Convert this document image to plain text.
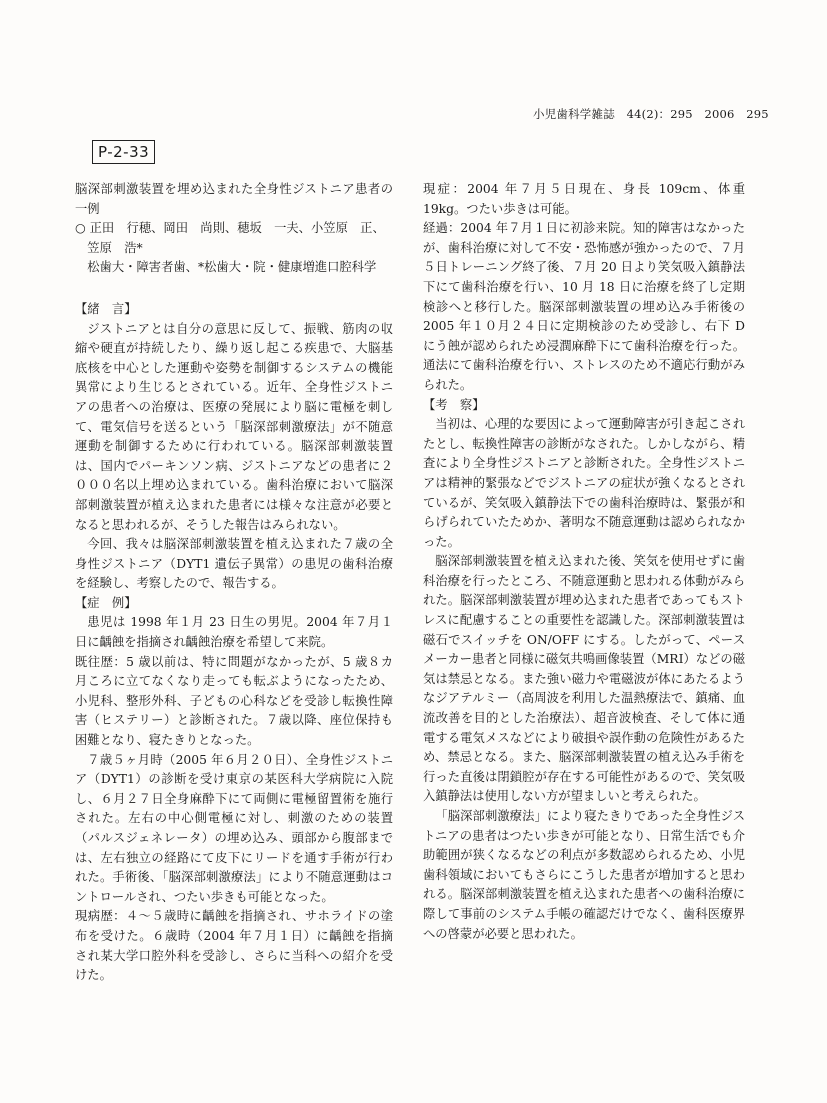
小児歯科学雑誌　44(2)：295　2006　295
P-2-33

脳深部刺激装置を埋め込まれた全身性ジストニア患者の一例

○ 正田　行穂、岡田　尚則、穂坂　一夫、小笠原　正、

笠原　浩*

松歯大・障害者歯、*松歯大・院・健康増進口腔科学

【緒　言】

ジストニアとは自分の意思に反して、振戦、筋肉の収縮や硬直が持続したり、繰り返し起こる疾患で、大脳基底核を中心とした運動や姿勢を制御するシステムの機能異常により生じるとされている。近年、全身性ジストニアの患者への治療は、医療の発展により脳に電極を刺して、電気信号を送るという「脳深部刺激療法」が不随意運動を制御するために行われている。脳深部刺激装置は、国内でパーキンソン病、ジストニアなどの患者に２０００名以上埋め込まれている。歯科治療において脳深部刺激装置が植え込まれた患者には様々な注意が必要となると思われるが、そうした報告はみられない。

今回、我々は脳深部刺激装置を植え込まれた７歳の全身性ジストニア（DYT1 遺伝子異常）の患児の歯科治療を経験し、考察したので、報告する。

【症　例】

患児は 1998 年１月 23 日生の男児。2004 年７月１日に齲蝕を指摘され齲蝕治療を希望して来院。

既往歴：5 歳以前は、特に問題がなかったが、5 歳８カ月ころに立てなくなり走っても転ぶようになったため、小児科、整形外科、子どもの心科などを受診し転換性障害（ヒステリー）と診断された。７歳以降、座位保持も困難となり、寝たきりとなった。

７歳５ヶ月時（2005 年６月２０日）、全身性ジストニア（DYT1）の診断を受け東京の某医科大学病院に入院し、６月２７日全身麻酔下にて両側に電極留置術を施行された。左右の中心側電極に対し、刺激のための装置（パルスジェネレータ）の埋め込み、頭部から腹部までは、左右独立の経路にて皮下にリードを通す手術が行われた。手術後、「脳深部刺激療法」により不随意運動はコントロールされ、つたい歩きも可能となった。

現病歴：４～５歳時に齲蝕を指摘され、サホライドの塗布を受けた。６歳時（2004 年７月１日）に齲蝕を指摘され某大学口腔外科を受診し、さらに当科への紹介を受けた。

現症：2004 年７月５日現在、身長 109cm、体重 19kg。つたい歩きは可能。

経過：2004 年７月１日に初診来院。知的障害はなかったが、歯科治療に対して不安・恐怖感が強かったので、７月５日トレーニング終了後、７月 20 日より笑気吸入鎮静法下にて歯科治療を行い、10 月 18 日に治療を終了し定期検診へと移行した。脳深部刺激装置の埋め込み手術後の 2005 年１０月２４日に定期検診のため受診し、右下 D にう蝕が認められため浸潤麻酔下にて歯科治療を行った。通法にて歯科治療を行い、ストレスのため不適応行動がみられた。

【考　察】

当初は、心理的な要因によって運動障害が引き起こされたとし、転換性障害の診断がなされた。しかしながら、精査により全身性ジストニアと診断された。全身性ジストニアは精神的緊張などでジストニアの症状が強くなるとされているが、笑気吸入鎮静法下での歯科治療時は、緊張が和らげられていたためか、著明な不随意運動は認められなかった。

脳深部刺激装置を植え込まれた後、笑気を使用せずに歯科治療を行ったところ、不随意運動と思われる体動がみられた。脳深部刺激装置が埋め込まれた患者であってもストレスに配慮することの重要性を認識した。深部刺激装置は磁石でスイッチを ON/OFF にする。したがって、ペースメーカー患者と同様に磁気共鳴画像装置（MRI）などの磁気は禁忌となる。また強い磁力や電磁波が体にあたるようなジアテルミー（高周波を利用した温熱療法で、鎮痛、血流改善を目的とした治療法）、超音波検査、そして体に通電する電気メスなどにより破損や誤作動の危険性があるため、禁忌となる。また、脳深部刺激装置の植え込み手術を行った直後は閉鎖腔が存在する可能性があるので、笑気吸入鎮静法は使用しない方が望ましいと考えられた。

「脳深部刺激療法」により寝たきりであった全身性ジストニアの患者はつたい歩きが可能となり、日常生活でも介助範囲が狭くなるなどの利点が多数認められるため、小児歯科領域においてもさらにこうした患者が増加すると思われる。脳深部刺激装置を植え込まれた患者への歯科治療に際して事前のシステム手帳の確認だけでなく、歯科医療界への啓蒙が必要と思われた。
